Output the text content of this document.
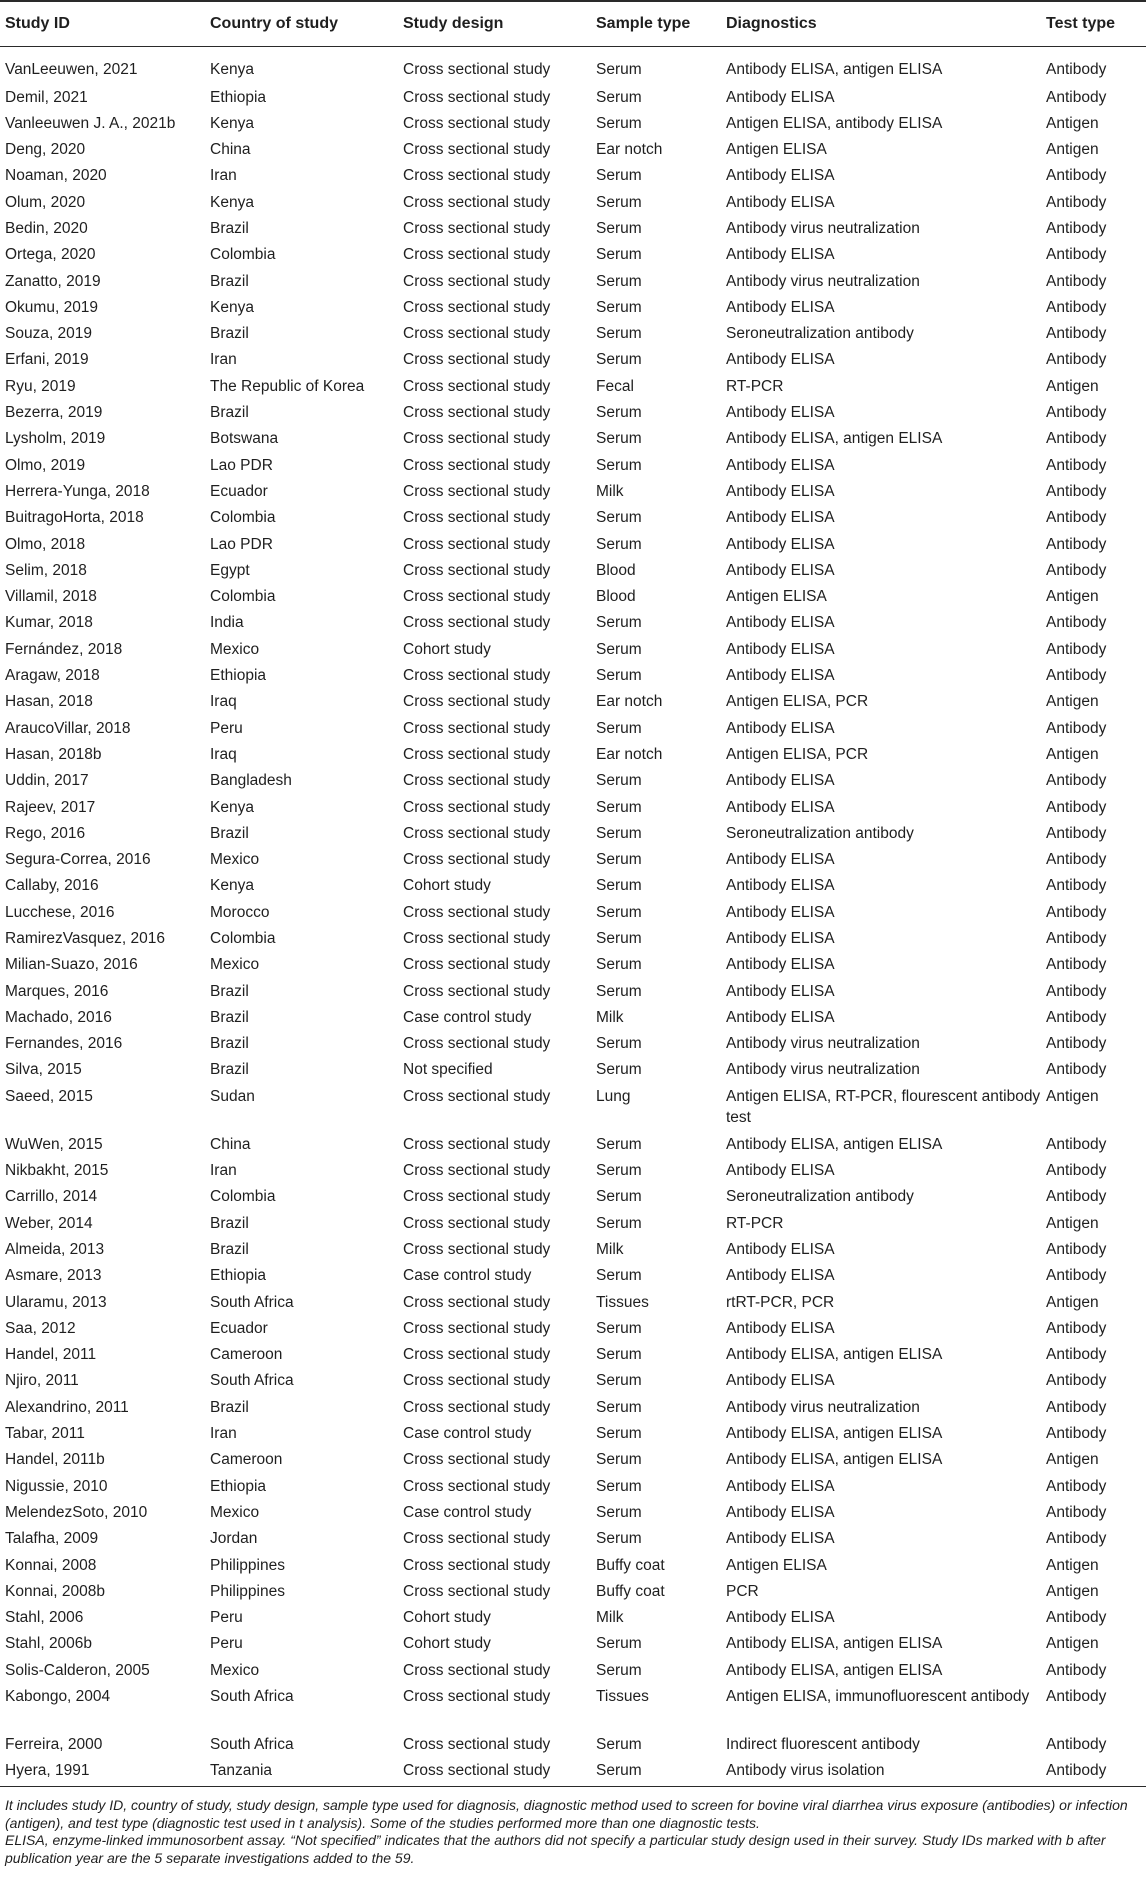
Study ID	Country of study	Study design	Sample type	Diagnostics	Test type
VanLeeuwen, 2021	Kenya	Cross sectional study	Serum	Antibody ELISA, antigen ELISA	Antibody
Demil, 2021	Ethiopia	Cross sectional study	Serum	Antibody ELISA	Antibody
Vanleeuwen J. A., 2021b	Kenya	Cross sectional study	Serum	Antigen ELISA, antibody ELISA	Antigen
Deng, 2020	China	Cross sectional study	Ear notch	Antigen ELISA	Antigen
Noaman, 2020	Iran	Cross sectional study	Serum	Antibody ELISA	Antibody
Olum, 2020	Kenya	Cross sectional study	Serum	Antibody ELISA	Antibody
Bedin, 2020	Brazil	Cross sectional study	Serum	Antibody virus neutralization	Antibody
Ortega, 2020	Colombia	Cross sectional study	Serum	Antibody ELISA	Antibody
Zanatto, 2019	Brazil	Cross sectional study	Serum	Antibody virus neutralization	Antibody
Okumu, 2019	Kenya	Cross sectional study	Serum	Antibody ELISA	Antibody
Souza, 2019	Brazil	Cross sectional study	Serum	Seroneutralization antibody	Antibody
Erfani, 2019	Iran	Cross sectional study	Serum	Antibody ELISA	Antibody
Ryu, 2019	The Republic of Korea	Cross sectional study	Fecal	RT-PCR	Antigen
Bezerra, 2019	Brazil	Cross sectional study	Serum	Antibody ELISA	Antibody
Lysholm, 2019	Botswana	Cross sectional study	Serum	Antibody ELISA, antigen ELISA	Antibody
Olmo, 2019	Lao PDR	Cross sectional study	Serum	Antibody ELISA	Antibody
Herrera-Yunga, 2018	Ecuador	Cross sectional study	Milk	Antibody ELISA	Antibody
BuitragoHorta, 2018	Colombia	Cross sectional study	Serum	Antibody ELISA	Antibody
Olmo, 2018	Lao PDR	Cross sectional study	Serum	Antibody ELISA	Antibody
Selim, 2018	Egypt	Cross sectional study	Blood	Antibody ELISA	Antibody
Villamil, 2018	Colombia	Cross sectional study	Blood	Antigen ELISA	Antigen
Kumar, 2018	India	Cross sectional study	Serum	Antibody ELISA	Antibody
Fernández, 2018	Mexico	Cohort study	Serum	Antibody ELISA	Antibody
Aragaw, 2018	Ethiopia	Cross sectional study	Serum	Antibody ELISA	Antibody
Hasan, 2018	Iraq	Cross sectional study	Ear notch	Antigen ELISA, PCR	Antigen
AraucoVillar, 2018	Peru	Cross sectional study	Serum	Antibody ELISA	Antibody
Hasan, 2018b	Iraq	Cross sectional study	Ear notch	Antigen ELISA, PCR	Antigen
Uddin, 2017	Bangladesh	Cross sectional study	Serum	Antibody ELISA	Antibody
Rajeev, 2017	Kenya	Cross sectional study	Serum	Antibody ELISA	Antibody
Rego, 2016	Brazil	Cross sectional study	Serum	Seroneutralization antibody	Antibody
Segura-Correa, 2016	Mexico	Cross sectional study	Serum	Antibody ELISA	Antibody
Callaby, 2016	Kenya	Cohort study	Serum	Antibody ELISA	Antibody
Lucchese, 2016	Morocco	Cross sectional study	Serum	Antibody ELISA	Antibody
RamirezVasquez, 2016	Colombia	Cross sectional study	Serum	Antibody ELISA	Antibody
Milian-Suazo, 2016	Mexico	Cross sectional study	Serum	Antibody ELISA	Antibody
Marques, 2016	Brazil	Cross sectional study	Serum	Antibody ELISA	Antibody
Machado, 2016	Brazil	Case control study	Milk	Antibody ELISA	Antibody
Fernandes, 2016	Brazil	Cross sectional study	Serum	Antibody virus neutralization	Antibody
Silva, 2015	Brazil	Not specified	Serum	Antibody virus neutralization	Antibody
Saeed, 2015	Sudan	Cross sectional study	Lung	Antigen ELISA, RT-PCR, flourescent antibody test	Antigen
WuWen, 2015	China	Cross sectional study	Serum	Antibody ELISA, antigen ELISA	Antibody
Nikbakht, 2015	Iran	Cross sectional study	Serum	Antibody ELISA	Antibody
Carrillo, 2014	Colombia	Cross sectional study	Serum	Seroneutralization antibody	Antibody
Weber, 2014	Brazil	Cross sectional study	Serum	RT-PCR	Antigen
Almeida, 2013	Brazil	Cross sectional study	Milk	Antibody ELISA	Antibody
Asmare, 2013	Ethiopia	Case control study	Serum	Antibody ELISA	Antibody
Ularamu, 2013	South Africa	Cross sectional study	Tissues	rtRT-PCR, PCR	Antigen
Saa, 2012	Ecuador	Cross sectional study	Serum	Antibody ELISA	Antibody
Handel, 2011	Cameroon	Cross sectional study	Serum	Antibody ELISA, antigen ELISA	Antibody
Njiro, 2011	South Africa	Cross sectional study	Serum	Antibody ELISA	Antibody
Alexandrino, 2011	Brazil	Cross sectional study	Serum	Antibody virus neutralization	Antibody
Tabar, 2011	Iran	Case control study	Serum	Antibody ELISA, antigen ELISA	Antibody
Handel, 2011b	Cameroon	Cross sectional study	Serum	Antibody ELISA, antigen ELISA	Antigen
Nigussie, 2010	Ethiopia	Cross sectional study	Serum	Antibody ELISA	Antibody
MelendezSoto, 2010	Mexico	Case control study	Serum	Antibody ELISA	Antibody
Talafha, 2009	Jordan	Cross sectional study	Serum	Antibody ELISA	Antibody
Konnai, 2008	Philippines	Cross sectional study	Buffy coat	Antigen ELISA	Antigen
Konnai, 2008b	Philippines	Cross sectional study	Buffy coat	PCR	Antigen
Stahl, 2006	Peru	Cohort study	Milk	Antibody ELISA	Antibody
Stahl, 2006b	Peru	Cohort study	Serum	Antibody ELISA, antigen ELISA	Antigen
Solis-Calderon, 2005	Mexico	Cross sectional study	Serum	Antibody ELISA, antigen ELISA	Antibody
Kabongo, 2004	South Africa	Cross sectional study	Tissues	Antigen ELISA, immunofluorescent antibody	Antibody
Ferreira, 2000	South Africa	Cross sectional study	Serum	Indirect fluorescent antibody	Antibody
Hyera, 1991	Tanzania	Cross sectional study	Serum	Antibody virus isolation	Antibody

It includes study ID, country of study, study design, sample type used for diagnosis, diagnostic method used to screen for bovine viral diarrhea virus exposure (antibodies) or infection (antigen), and test type (diagnostic test used in t analysis). Some of the studies performed more than one diagnostic tests.

ELISA, enzyme-linked immunosorbent assay. “Not specified” indicates that the authors did not specify a particular study design used in their survey. Study IDs marked with b after publication year are the 5 separate investigations added to the 59.
